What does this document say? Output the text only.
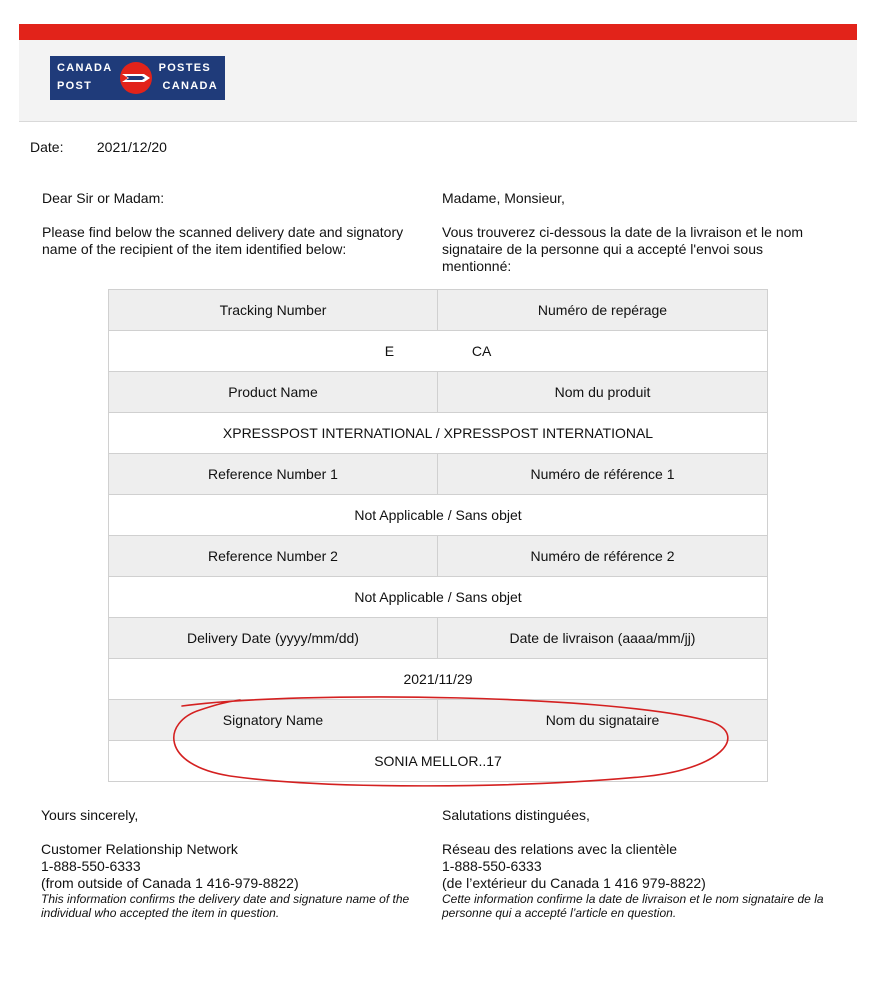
CANADA
POST
POSTES
CANADA
Date: 2021/12/20

Dear Sir or Madam:

Please find below the scanned delivery date and signatory name of the recipient of the item identified below:

Madame, Monsieur,

Vous trouverez ci-dessous la date de la livraison et le nom signataire de la personne qui a accepté l'envoi sous mentionné:

Tracking Number	Numéro de repérage
E                    CA	
Product Name	Nom du produit
XPRESSPOST INTERNATIONAL / XPRESSPOST INTERNATIONAL	
Reference Number 1	Numéro de référence 1
Not Applicable / Sans objet	
Reference Number 2	Numéro de référence 2
Not Applicable / Sans objet	
Delivery Date (yyyy/mm/dd)	Date de livraison (aaaa/mm/jj)
2021/11/29	
Signatory Name	Nom du signataire
SONIA MELLOR..17	

Yours sincerely,

Customer Relationship Network

1-888-550-6333

(from outside of Canada 1 416-979-8822)

This information confirms the delivery date and signature name of the individual who accepted the item in question.

Salutations distinguées,

Réseau des relations avec la clientèle

1-888-550-6333

(de l’extérieur du Canada 1 416 979-8822)

Cette information confirme la date de livraison et le nom signataire de la personne qui a accepté l’article en question.
